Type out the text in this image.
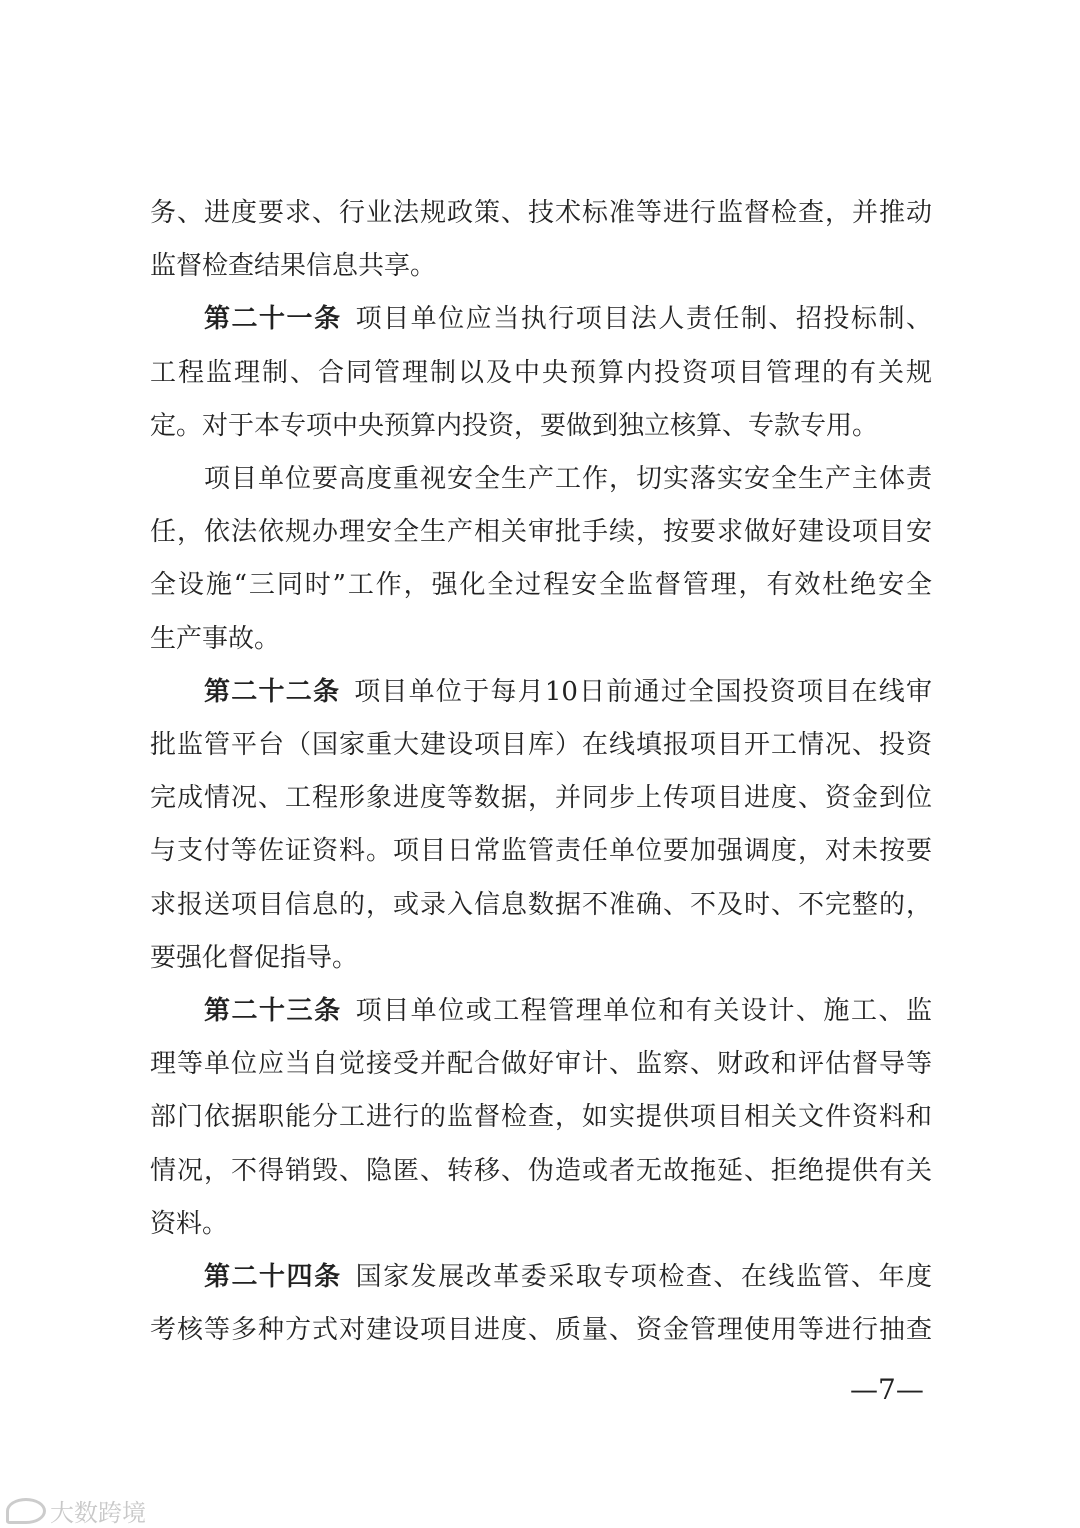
务、进度要求、行业法规政策、技术标准等进行监督检查，并推动
监督检查结果信息共享。
第二十一条 项目单位应当执行项目法人责任制、招投标制、
工程监理制、合同管理制以及中央预算内投资项目管理的有关规
定。对于本专项中央预算内投资，要做到独立核算、专款专用。
项目单位要高度重视安全生产工作，切实落实安全生产主体责
任，依法依规办理安全生产相关审批手续，按要求做好建设项目安
全设施“三同时”工作，强化全过程安全监督管理，有效杜绝安全
生产事故。
第二十二条 项目单位于每月10日前通过全国投资项目在线审
批监管平台（国家重大建设项目库）在线填报项目开工情况、投资
完成情况、工程形象进度等数据，并同步上传项目进度、资金到位
与支付等佐证资料。项目日常监管责任单位要加强调度，对未按要
求报送项目信息的，或录入信息数据不准确、不及时、不完整的，
要强化督促指导。
第二十三条 项目单位或工程管理单位和有关设计、施工、监
理等单位应当自觉接受并配合做好审计、监察、财政和评估督导等
部门依据职能分工进行的监督检查，如实提供项目相关文件资料和
情况，不得销毁、隐匿、转移、伪造或者无故拖延、拒绝提供有关
资料。
第二十四条 国家发展改革委采取专项检查、在线监管、年度
考核等多种方式对建设项目进度、质量、资金管理使用等进行抽查
—7—
大数跨境
